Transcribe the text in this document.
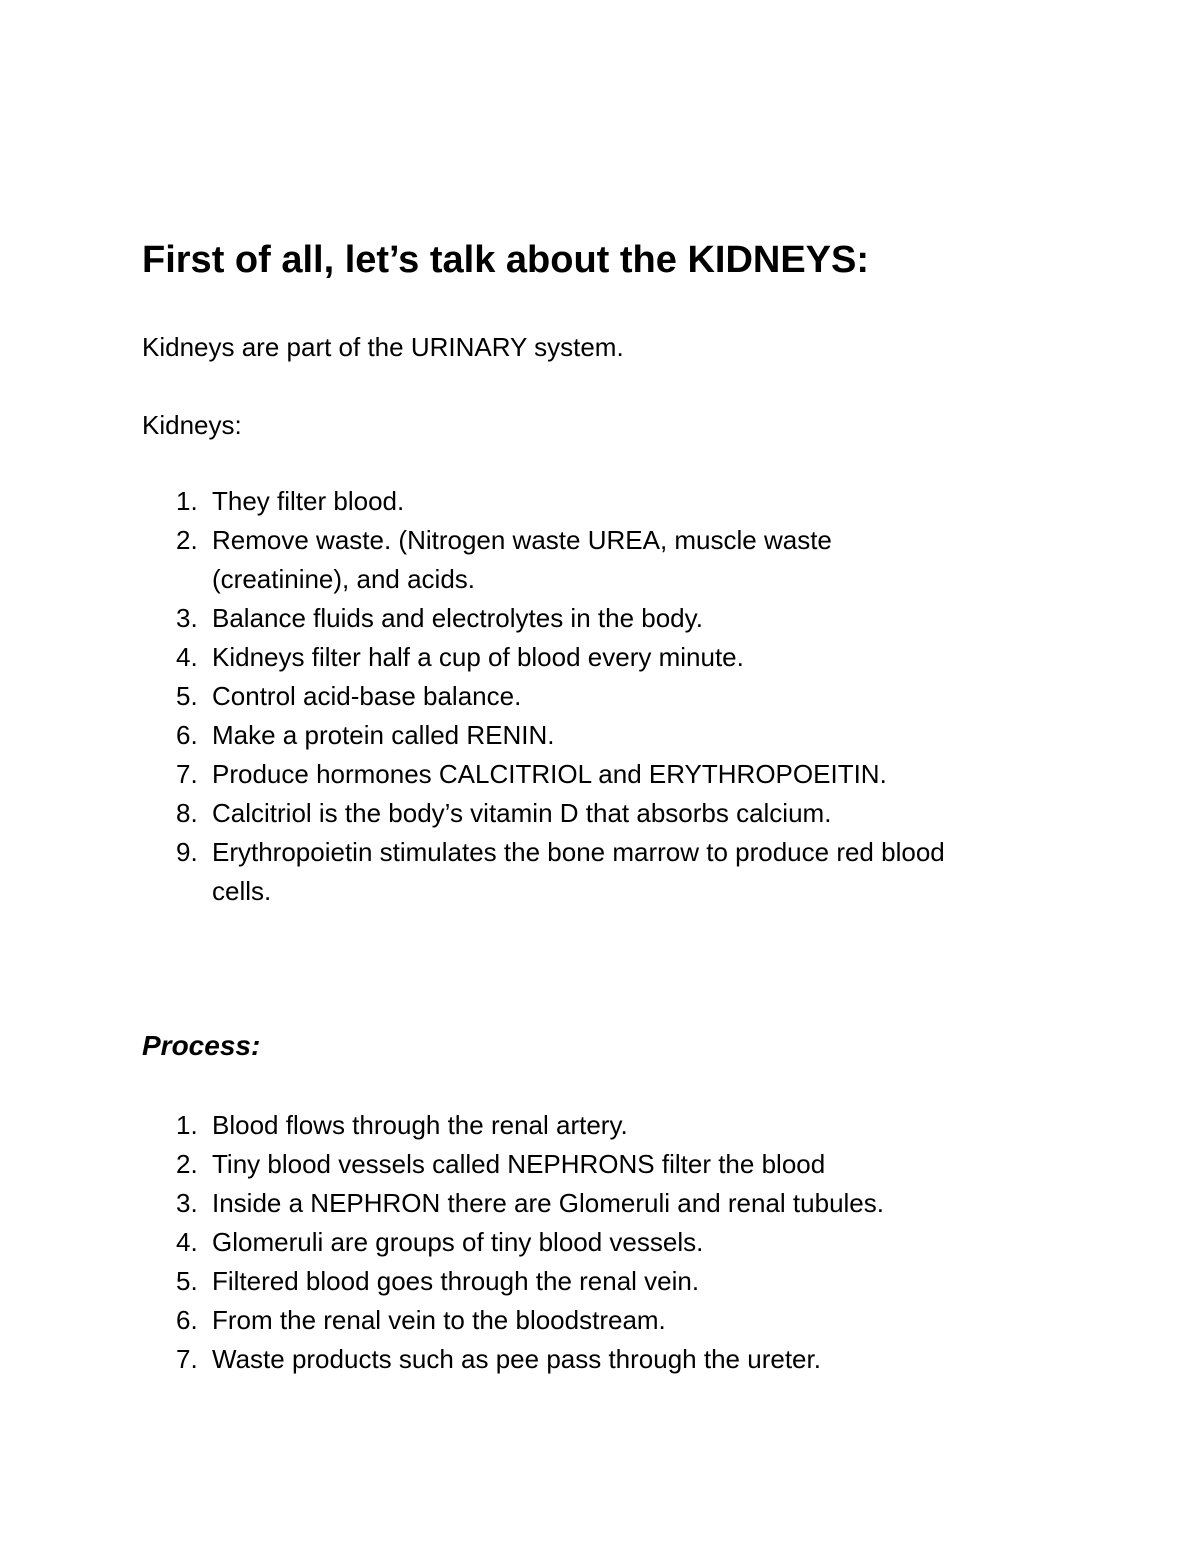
First of all, let’s talk about the KIDNEYS:

Kidneys are part of the URINARY system.

Kidneys:

1. They filter blood.
2. Remove waste. (Nitrogen waste UREA, muscle waste
(creatinine), and acids.
3. Balance fluids and electrolytes in the body.
4. Kidneys filter half a cup of blood every minute.
5. Control acid-base balance.
6. Make a protein called RENIN.
7. Produce hormones CALCITRIOL and ERYTHROPOEITIN.
8. Calcitriol is the body’s vitamin D that absorbs calcium.
9. Erythropoietin stimulates the bone marrow to produce red blood
cells.
Process:
1. Blood flows through the renal artery.
2. Tiny blood vessels called NEPHRONS filter the blood
3. Inside a NEPHRON there are Glomeruli and renal tubules.
4. Glomeruli are groups of tiny blood vessels.
5. Filtered blood goes through the renal vein.
6. From the renal vein to the bloodstream.
7. Waste products such as pee pass through the ureter.
